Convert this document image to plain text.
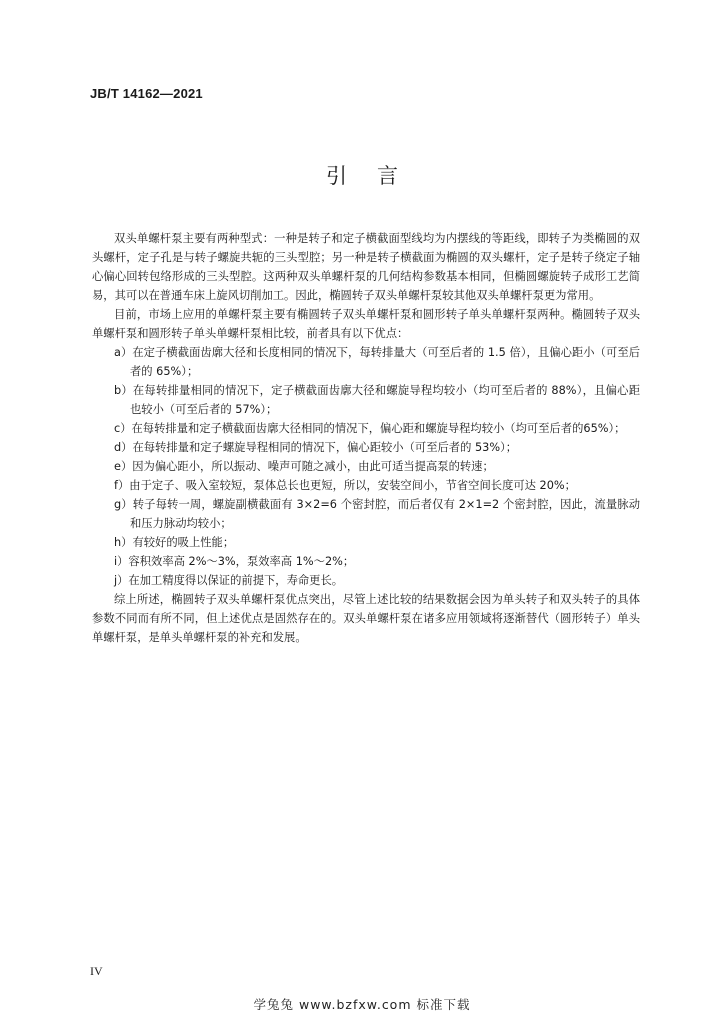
JB/T 14162—2021
引言

双头单螺杆泵主要有两种型式：一种是转子和定子横截面型线均为内摆线的等距线，即转子为类椭圆的双头螺杆，定子孔是与转子螺旋共轭的三头型腔；另一种是转子横截面为椭圆的双头螺杆，定子是转子绕定子轴心偏心回转包络形成的三头型腔。这两种双头单螺杆泵的几何结构参数基本相同，但椭圆螺旋转子成形工艺简易，其可以在普通车床上旋风切削加工。因此，椭圆转子双头单螺杆泵较其他双头单螺杆泵更为常用。

目前，市场上应用的单螺杆泵主要有椭圆转子双头单螺杆泵和圆形转子单头单螺杆泵两种。椭圆转子双头单螺杆泵和圆形转子单头单螺杆泵相比较，前者具有以下优点：

a）在定子横截面齿廓大径和长度相同的情况下，每转排量大（可至后者的 1.5 倍），且偏心距小（可至后者的 65%）；

b）在每转排量相同的情况下，定子横截面齿廓大径和螺旋导程均较小（均可至后者的 88%），且偏心距也较小（可至后者的 57%）；

c）在每转排量和定子横截面齿廓大径相同的情况下，偏心距和螺旋导程均较小（均可至后者的65%）；

d）在每转排量和定子螺旋导程相同的情况下，偏心距较小（可至后者的 53%）；

e）因为偏心距小，所以振动、噪声可随之减小，由此可适当提高泵的转速；

f）由于定子、吸入室较短，泵体总长也更短，所以，安装空间小，节省空间长度可达 20%；

g）转子每转一周，螺旋副横截面有 3×2=6 个密封腔，而后者仅有 2×1=2 个密封腔，因此，流量脉动和压力脉动均较小；

h）有较好的吸上性能；

i）容积效率高 2%～3%，泵效率高 1%～2%；

j）在加工精度得以保证的前提下，寿命更长。

综上所述，椭圆转子双头单螺杆泵优点突出，尽管上述比较的结果数据会因为单头转子和双头转子的具体参数不同而有所不同，但上述优点是固然存在的。双头单螺杆泵在诸多应用领域将逐渐替代（圆形转子）单头单螺杆泵，是单头单螺杆泵的补充和发展。

IV
学兔兔 www.bzfxw.com 标准下载
